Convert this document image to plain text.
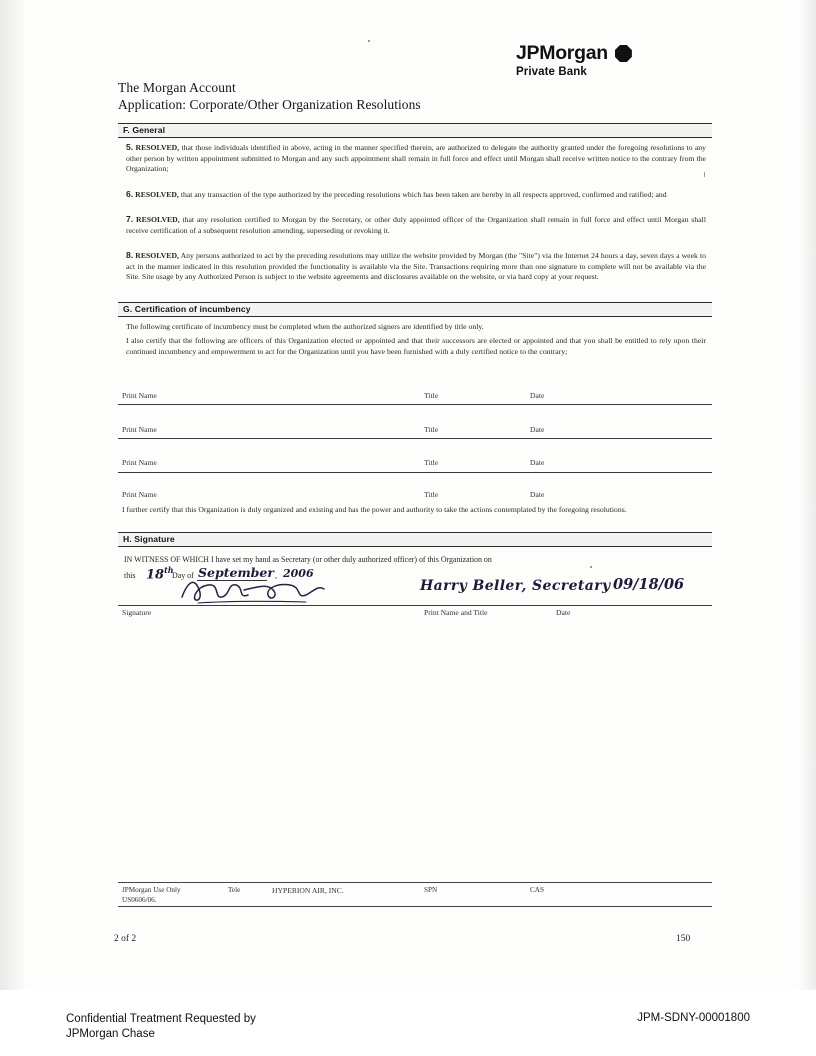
JPMorgan
Private Bank
The Morgan Account
Application: Corporate/Other Organization Resolutions
F. General
5. RESOLVED, that those individuals identified in above, acting in the manner specified therein, are authorized to delegate the authority granted under the foregoing resolutions to any other person by written appointment submitted to Morgan and any such appointment shall remain in full force and effect until Morgan shall receive written notice to the contrary from the Organization;
6. RESOLVED, that any transaction of the type authorized by the preceding resolutions which has been taken are hereby in all respects approved, confirmed and ratified; and
7. RESOLVED, that any resolution certified to Morgan by the Secretary, or other duly appointed officer of the Organization shall remain in full force and effect until Morgan shall receive certification of a subsequent resolution amending, superseding or revoking it.
8. RESOLVED, Any persons authorized to act by the preceding resolutions may utilize the website provided by Morgan (the "Site") via the Internet 24 hours a day, seven days a week to act in the manner indicated in this resolution provided the functionality is available via the Site. Transactions requiring more than one signature to complete will not be available via the Site. Site usage by any Authorized Person is subject to the website agreements and disclosures available on the website, or via hard copy at your request.
G. Certification of incumbency
The following certificate of incumbency must be completed when the authorized signers are identified by title only.
I also certify that the following are officers of this Organization elected or appointed and that their successors are elected or appointed and that you shall be entitled to rely upon their continued incumbency and empowerment to act for the Organization until you have been furnished with a duly certified notice to the contrary;
Print Name	Title	Date
Print Name	Title	Date
Print Name	Title	Date
Print Name	Title	Date
I further certify that this Organization is duly organized and existing and has the power and authority to take the actions contemplated by the foregoing resolutions.
H. Signature
IN WITNESS OF WHICH I have set my hand as Secretary (or other duly authorized officer) of this Organization on
this 18th
Day of September , 2006
Harry Beller, Secretary 09/18/06
Signature	Print Name and Title	Date
JPMorgan Use Only
US0606/06.
Tele	HYPERION AIR, INC.	SPN	CAS
2 of 2	150
Confidential Treatment Requested by
JPMorgan Chase
JPM-SDNY-00001800
